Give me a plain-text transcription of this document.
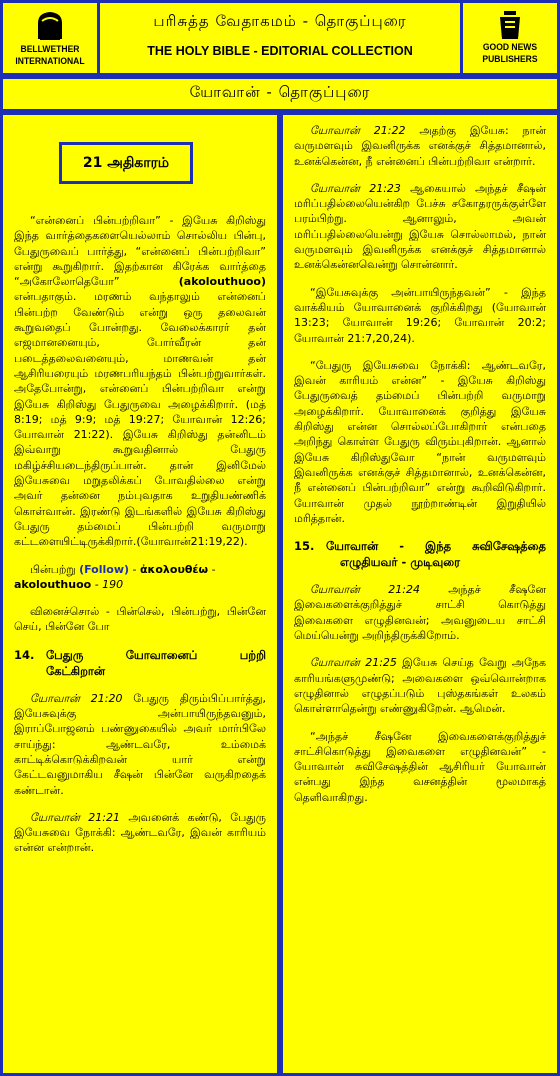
BELLWETHER
INTERNATIONAL
பரிசுத்த வேதாகமம் - தொகுப்புரை
THE HOLY BIBLE - EDITORIAL COLLECTION	GOOD NEWS
PUBLISHERS
யோவான் - தொகுப்புரை

“என்னைப் பின்பற்றிவா” - இயேசு கிறிஸ்து இந்த வார்த்தைகளையெல்லாம் சொல்லிய பின்பு, பேதுருவைப் பார்த்து, “என்னைப் பின்பற்றிவா” என்று கூறுகிறார். இதற்கான கிரேக்க வார்த்தை “அகோலோதெயோ” (akolouthuoo) என்பதாகும். மரணம் வந்தாலும் என்னைப் பின்பற்ற வேண்டும் என்று ஒரு தலைவன் கூறுவதைப் போன்றது. வேலைக்காரர் தன் எஜமானனையும், போர்வீரன் தன் படைத்தலைவனையும், மாணவன் தன் ஆசிரியரையும் மரணபரியந்தம் பின்பற்றுவார்கள். அதேபோன்று, என்னைப் பின்பற்றிவா என்று இயேசு கிறிஸ்து பேதுருவை அழைக்கிறார். (மத் 8:19; மத் 9:9; மத் 19:27; யோவான் 12:26; யோவான் 21:22). இயேசு கிறிஸ்து தன்னிடம் இவ்வாறு கூறுவதினால் பேதுரு மகிழ்ச்சியடைந்திருப்பான். தான் இனிமேல் இயேசுவை மறுதலிக்கப் போவதில்லை என்று அவர் தன்னை நம்புவதாக உறுதியண்ணிக் கொள்வான். இரண்டு இடங்களில் இயேசு கிறிஸ்து பேதுரு தம்மைப் பின்பற்றி வருமாறு கட்டளையிட்டிருக்கிறார்.(யோவான்21:19,22).

பின்பற்று (Follow) - ἀκολουθέω - akolouthuoo - 190

வினைச்சொல் - பின்செல், பின்பற்று, பின்னே செய், பின்னே போ

14. பேதுரு யோவானைப் பற்றி
கேட்கிறான்

யோவான் 21:20 பேதுரு திரும்பிப்பார்த்து, இயேசுவுக்கு அன்பாயிருந்தவனும், இராப்போஜனம் பண்ணுகையில் அவர் மார்பிலே சாய்ந்து: ஆண்டவரே, உம்மைக் காட்டிக்கொடுக்கிறவன் யார் என்று கேட்டவனுமாகிய சீஷன் பின்னே வருகிறதைக் கண்டான்.

யோவான் 21:21 அவனைக் கண்டு, பேதுரு இயேசுவை நோக்கி: ஆண்டவரே, இவன் காரியம் என்ன என்றான்.

21 அதிகாரம்

யோவான் 21:22 அதற்கு இயேசு: நான் வருமளவும் இவனிருக்க எனக்குச் சித்தமானால், உனக்கென்ன, நீ என்னைப் பின்பற்றிவா என்றார்.

யோவான் 21:23 ஆகையால் அந்தச் சீஷன் மரிப்பதில்லையென்கிற பேச்சு சகோதரருக்குள்ளே பரம்பிற்று. ஆனாலும், அவன் மரிப்பதில்லையென்று இயேசு சொல்லாமல், நான் வருமளவும் இவனிருக்க எனக்குச் சித்தமானால் உனக்கென்னவென்று சொன்னார்.

“இயேசுவுக்கு அன்பாயிருந்தவன்” - இந்த வாக்கியம் யோவானைக் குறிக்கிறது (யோவான் 13:23; யோவான் 19:26; யோவான் 20:2; யோவான் 21:7,20,24).

“பேதுரு இயேசுவை நோக்கி: ஆண்டவரே, இவன் காரியம் என்ன” - இயேசு கிறிஸ்து பேதுருவைத் தம்மைப் பின்பற்றி வருமாறு அழைக்கிறார். யோவானைக் குறித்து இயேசு கிறிஸ்து என்ன சொல்லப்போகிறார் என்பதை அறிந்து கொள்ள பேதுரு விரும்புகிறான். ஆனால் இயேசு கிறிஸ்துவோ “நான் வருமளவும் இவனிருக்க எனக்குச் சித்தமானால், உனக்கென்ன, நீ என்னைப் பின்பற்றிவா” என்று கூறிவிடுகிறார். யோவான் முதல் நூற்றாண்டின் இறுதியில் மரித்தான்.

15. யோவான் - இந்த சுவிசேஷத்தை
எழுதியவர் - முடிவுரை

யோவான் 21:24 அந்தச் சீஷனே இவைகளைக்குறித்துச் சாட்சி கொடுத்து இவைகளை எழுதினவன்; அவனுடைய சாட்சி மெய்யென்று அறிந்திருக்கிறோம்.

யோவான் 21:25 இயேசு செய்த வேறு அநேக காரியங்களுமுண்டு; அவைகளை ஒவ்வொன்றாக எழுதினால் எழுதப்படும் புஸ்தகங்கள் உலகம் கொள்ளாதென்று எண்ணுகிறேன். ஆமென்.

“அந்தச் சீஷனே இவைகளைக்குறித்துச் சாட்சிகொடுத்து இவைகளை எழுதினவன்” - யோவான் சுவிசேஷத்தின் ஆசிரியர் யோவான் என்பது இந்த வசனத்தின் மூலமாகத் தெளிவாகிறது.
